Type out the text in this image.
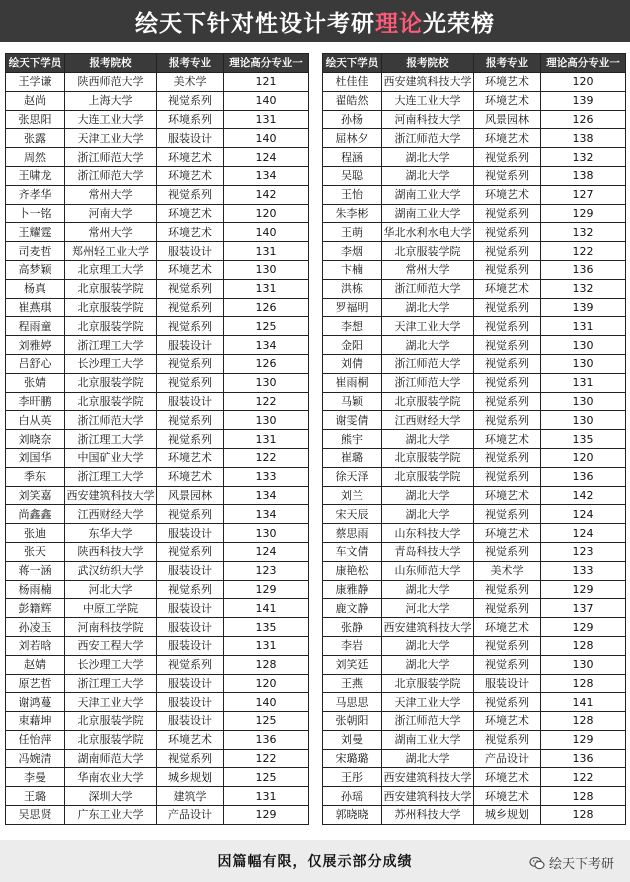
绘天下针对性设计考研理论光荣榜
绘天下学员	报考院校	报考专业	理论高分专业一
王学谦	陕西师范大学	美术学	121
赵尚	上海大学	视觉系列	140
张思阳	大连工业大学	环境系列	131
张露	天津工业大学	服装设计	140
周然	浙江师范大学	环境艺术	124
王啸龙	浙江师范大学	环境艺术	134
齐孝华	常州大学	视觉系列	142
卜一铭	河南大学	环境艺术	120
王耀霆	常州大学	环境艺术	140
司麦哲	郑州轻工业大学	服装设计	131
高梦颖	北京理工大学	环境艺术	130
杨真	北京服装学院	视觉系列	131
崔燕琪	北京服装学院	视觉系列	126
程雨童	北京服装学院	视觉系列	125
刘雅婷	浙江理工大学	服装设计	134
吕舒心	长沙理工大学	视觉系列	126
张婧	北京服装学院	视觉系列	130
李旰鹏	北京服装学院	服装设计	122
白从英	浙江师范大学	视觉系列	130
刘晓奈	浙江理工大学	视觉系列	131
刘国华	中国矿业大学	环境艺术	122
季东	浙江理工大学	环境艺术	133
刘笑嘉	西安建筑科技大学	风景园林	134
尚鑫鑫	江西财经大学	视觉系列	134
张迪	东华大学	服装设计	130
张天	陕西科技大学	视觉系列	124
蒋一涵	武汉纺织大学	服装设计	123
杨雨楠	河北大学	视觉系列	129
彭籍辉	中原工学院	服装设计	141
孙凌玉	河南科技学院	服装设计	135
刘若晗	西安工程大学	服装设计	131
赵婧	长沙理工大学	视觉系列	128
原艺哲	浙江理工大学	服装设计	120
谢鸿蔓	天津工业大学	服装设计	140
束藉坤	北京服装学院	服装设计	125
任怡萍	北京服装学院	环境艺术	136
冯婉清	湖南师范大学	视觉系列	122
李曼	华南农业大学	城乡规划	125
王璐	深圳大学	建筑学	131
吴思贤	广东工业大学	产品设计	129
绘天下学员	报考院校	报考专业	理论高分专业一
杜佳佳	西安建筑科技大学	环境艺术	120
翟皓然	大连工业大学	环境艺术	139
孙杨	河南科技大学	风景园林	126
屈林夕	浙江师范大学	环境艺术	138
程涵	湖北大学	视觉系列	132
吴聪	湖北大学	视觉系列	138
王怡	湖南工业大学	环境艺术	127
朱李彬	湖南工业大学	视觉系列	129
王萌	华北水利水电大学	视觉系列	132
李烟	北京服装学院	视觉系列	122
卞楠	常州大学	视觉系列	136
洪栋	浙江师范大学	环境艺术	132
罗福明	湖北大学	视觉系列	139
李想	天津工业大学	视觉系列	131
金阳	湖北大学	视觉系列	130
刘倩	浙江师范大学	视觉系列	130
崔雨桐	浙江师范大学	视觉系列	131
马颖	北京服装学院	视觉系列	130
谢雯倩	江西财经大学	视觉系列	130
熊宇	湖北大学	环境艺术	135
崔璐	北京服装学院	视觉系列	120
徐天泽	北京服装学院	视觉系列	136
刘兰	湖北大学	环境艺术	142
宋天辰	湖北大学	视觉系列	124
蔡思雨	山东科技大学	环境艺术	124
车文倩	青岛科技大学	视觉系列	123
康艳松	山东师范大学	美术学	133
康雅静	湖北大学	视觉系列	129
鹿文静	河北大学	视觉系列	137
张静	西安建筑科技大学	环境艺术	129
李岩	湖北大学	视觉系列	128
刘笑廷	湖北大学	视觉系列	130
王燕	北京服装学院	服装设计	128
马思思	天津工业大学	视觉系列	141
张朝阳	浙江师范大学	环境艺术	128
刘曼	湖南工业大学	视觉系列	129
宋璐璐	湖北大学	产品设计	136
王彤	西安建筑科技大学	环境艺术	122
孙瑶	西安建筑科技大学	环境艺术	128
郭晓晓	苏州科技大学	城乡规划	128
因篇幅有限，仅展示部分成绩	绘天下考研
